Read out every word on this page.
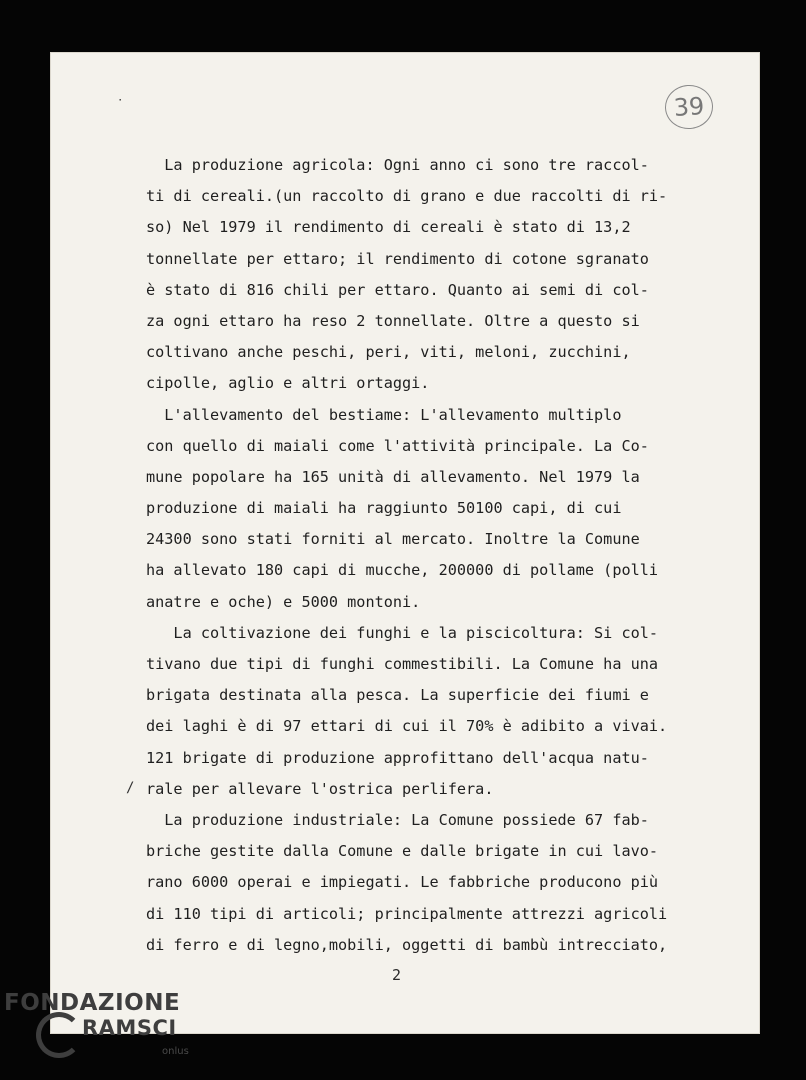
39
˙
/
La produzione agricola: Ogni anno ci sono tre raccol-
ti di cereali.(un raccolto di grano e due raccolti di ri-
so) Nel 1979 il rendimento di cereali è stato di 13,2
tonnellate per ettaro; il rendimento di cotone sgranato
è stato di 816 chili per ettaro. Quanto ai semi di col-
za ogni ettaro ha reso 2 tonnellate. Oltre a questo si
coltivano anche peschi, peri, viti, meloni, zucchini,
cipolle, aglio e altri ortaggi.
L'allevamento del bestiame: L'allevamento multiplo
con quello di maiali come l'attività principale. La Co-
mune popolare ha 165 unità di allevamento. Nel 1979 la
produzione di maiali ha raggiunto 50100 capi, di cui
24300 sono stati forniti al mercato. Inoltre la Comune
ha allevato 180 capi di mucche, 200000 di pollame (polli
anatre e oche) e 5000 montoni.
La coltivazione dei funghi e la piscicoltura: Si col-
tivano due tipi di funghi commestibili. La Comune ha una
brigata destinata alla pesca. La superficie dei fiumi e
dei laghi è di 97 ettari di cui il 70% è adibito a vivai.
121 brigate di produzione approfittano dell'acqua natu-
rale per allevare l'ostrica perlifera.
La produzione industriale: La Comune possiede 67 fab-
briche gestite dalla Comune e dalle brigate in cui lavo-
rano 6000 operai e impiegati. Le fabbriche producono più
di 110 tipi di articoli; principalmente attrezzi agricoli
di ferro e di legno,mobili, oggetti di bambù intrecciato,
2
FONDAZIONE
RAMSCI
onlus
